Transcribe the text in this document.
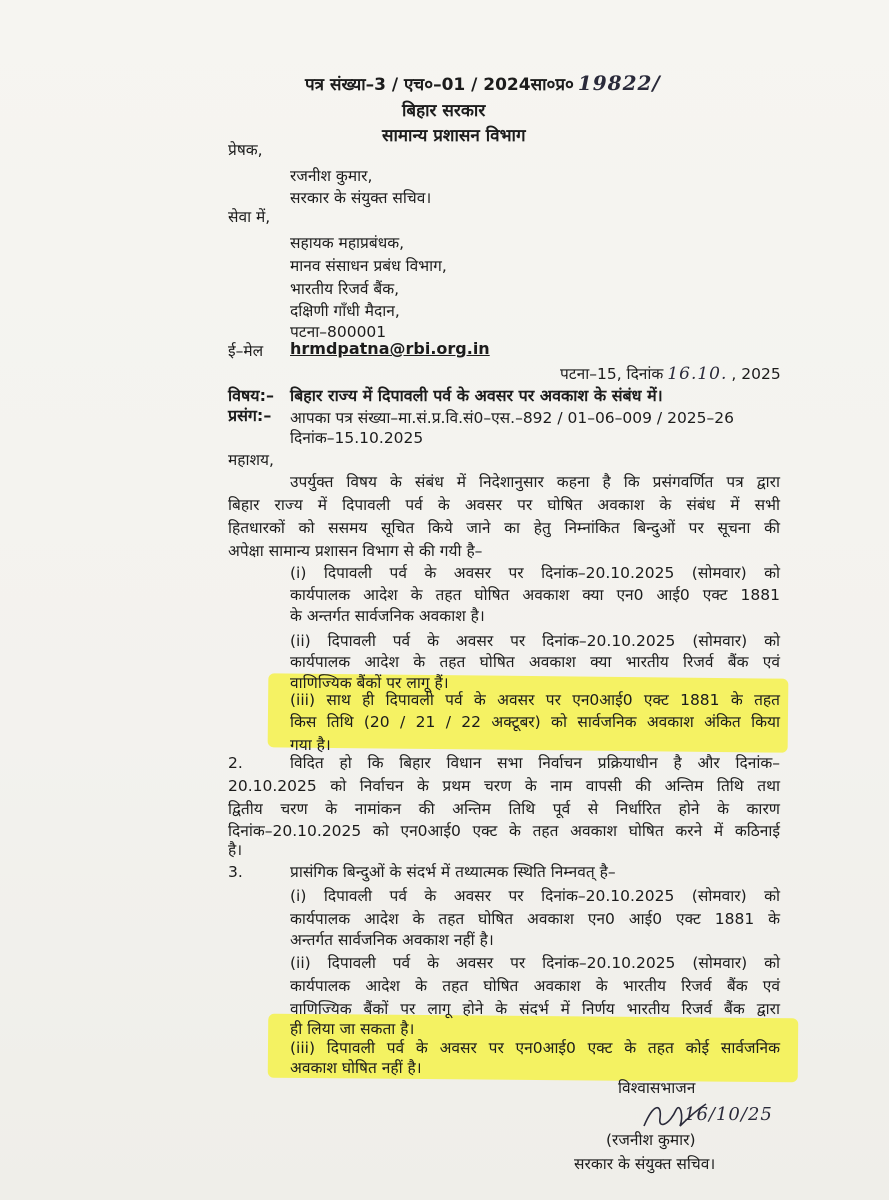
पत्र संख्या–3 / एच०–01 / 2024सा०प्र० 19822/
बिहार सरकार
सामान्य प्रशासन विभाग
प्रेषक,
रजनीश कुमार,
सरकार के संयुक्त सचिव।
सेवा में,
सहायक महाप्रबंधक,
मानव संसाधन प्रबंध विभाग,
भारतीय रिजर्व बैंक,
दक्षिणी गाँधी मैदान,
पटना–800001
ई–मेल hrmdpatna@rbi.org.in
पटना–15, दिनांक 16.10. , 2025
विषय:– बिहार राज्य में दिपावली पर्व के अवसर पर अवकाश के संबंध में।
प्रसंग:– आपका पत्र संख्या–मा.सं.प्र.वि.सं0–एस.–892 / 01–06–009 / 2025–26
दिनांक–15.10.2025
महाशय,
उपर्युक्त विषय के संबंध में निदेशानुसार कहना है कि प्रसंगवर्णित पत्र द्वारा
बिहार राज्य में दिपावली पर्व के अवसर पर घोषित अवकाश के संबंध में सभी
हितधारकों को ससमय सूचित किये जाने का हेतु निम्नांकित बिन्दुओं पर सूचना की
अपेक्षा सामान्य प्रशासन विभाग से की गयी है–
(i) दिपावली पर्व के अवसर पर दिनांक–20.10.2025 (सोमवार) को
कार्यपालक आदेश के तहत घोषित अवकाश क्या एन0 आई0 एक्ट 1881
के अन्तर्गत सार्वजनिक अवकाश है।
(ii) दिपावली पर्व के अवसर पर दिनांक–20.10.2025 (सोमवार) को
कार्यपालक आदेश के तहत घोषित अवकाश क्या भारतीय रिजर्व बैंक एवं
वाणिज्यिक बैंकों पर लागू हैं।
(iii) साथ ही दिपावली पर्व के अवसर पर एन0आई0 एक्ट 1881 के तहत
किस तिथि (20 / 21 / 22 अक्टूबर) को सार्वजनिक अवकाश अंकित किया
गया है।
2.	विदित हो कि बिहार विधान सभा निर्वाचन प्रक्रियाधीन है और दिनांक–
20.10.2025 को निर्वाचन के प्रथम चरण के नाम वापसी की अन्तिम तिथि तथा
द्वितीय चरण के नामांकन की अन्तिम तिथि पूर्व से निर्धारित होने के कारण
दिनांक–20.10.2025 को एन0आई0 एक्ट के तहत अवकाश घोषित करने में कठिनाई
है।
3.	प्रासंगिक बिन्दुओं के संदर्भ में तथ्यात्मक स्थिति निम्नवत् है–
(i) दिपावली पर्व के अवसर पर दिनांक–20.10.2025 (सोमवार) को
कार्यपालक आदेश के तहत घोषित अवकाश एन0 आई0 एक्ट 1881 के
अन्तर्गत सार्वजनिक अवकाश नहीं है।
(ii) दिपावली पर्व के अवसर पर दिनांक–20.10.2025 (सोमवार) को
कार्यपालक आदेश के तहत घोषित अवकाश के भारतीय रिजर्व बैंक एवं
वाणिज्यिक बैंकों पर लागू होने के संदर्भ में निर्णय भारतीय रिजर्व बैंक द्वारा
ही लिया जा सकता है।
(iii) दिपावली पर्व के अवसर पर एन0आई0 एक्ट के तहत कोई सार्वजनिक
अवकाश घोषित नहीं है।
विश्वासभाजन
16/10/25
(रजनीश कुमार)
सरकार के संयुक्त सचिव।
